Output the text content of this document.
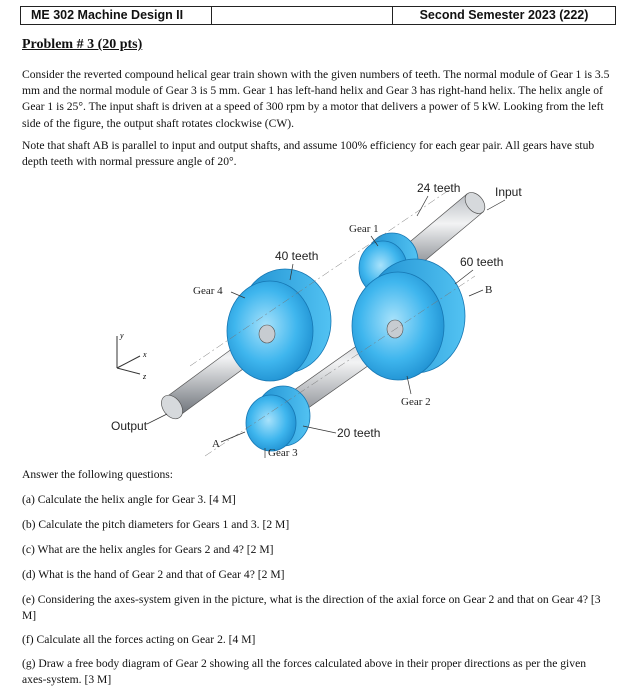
ME 302 Machine Design II	Second Semester 2023 (222)
Problem # 3 (20 pts)

Consider the reverted compound helical gear train shown with the given numbers of teeth. The normal module of Gear 1 is 3.5 mm and the normal module of Gear 3 is 5 mm. Gear 1 has left-hand helix and Gear 3 has right-hand helix. The helix angle of Gear 1 is 25°. The input shaft is driven at a speed of 300 rpm by a motor that delivers a power of 5 kW. Looking from the left side of the figure, the output shaft rotates clockwise (CW).

Note that shaft AB is parallel to input and output shafts, and assume 100% efficiency for each gear pair. All gears have stub depth teeth with normal pressure angle of 20°.

y
x
z
24 teeth	Input
60 teeth
40 teeth
20 teeth
Output
Gear 1
Gear 4
Gear 2
Gear 3
A
B
Answer the following questions:

(a) Calculate the helix angle for Gear 3. [4 M]

(b) Calculate the pitch diameters for Gears 1 and 3. [2 M]

(c) What are the helix angles for Gears 2 and 4? [2 M]

(d) What is the hand of Gear 2 and that of Gear 4? [2 M]

(e) Considering the axes-system given in the picture, what is the direction of the axial force on Gear 2 and that on Gear 4? [3 M]

(f) Calculate all the forces acting on Gear 2. [4 M]

(g) Draw a free body diagram of Gear 2 showing all the forces calculated above in their proper directions as per the given axes-system. [3 M]
